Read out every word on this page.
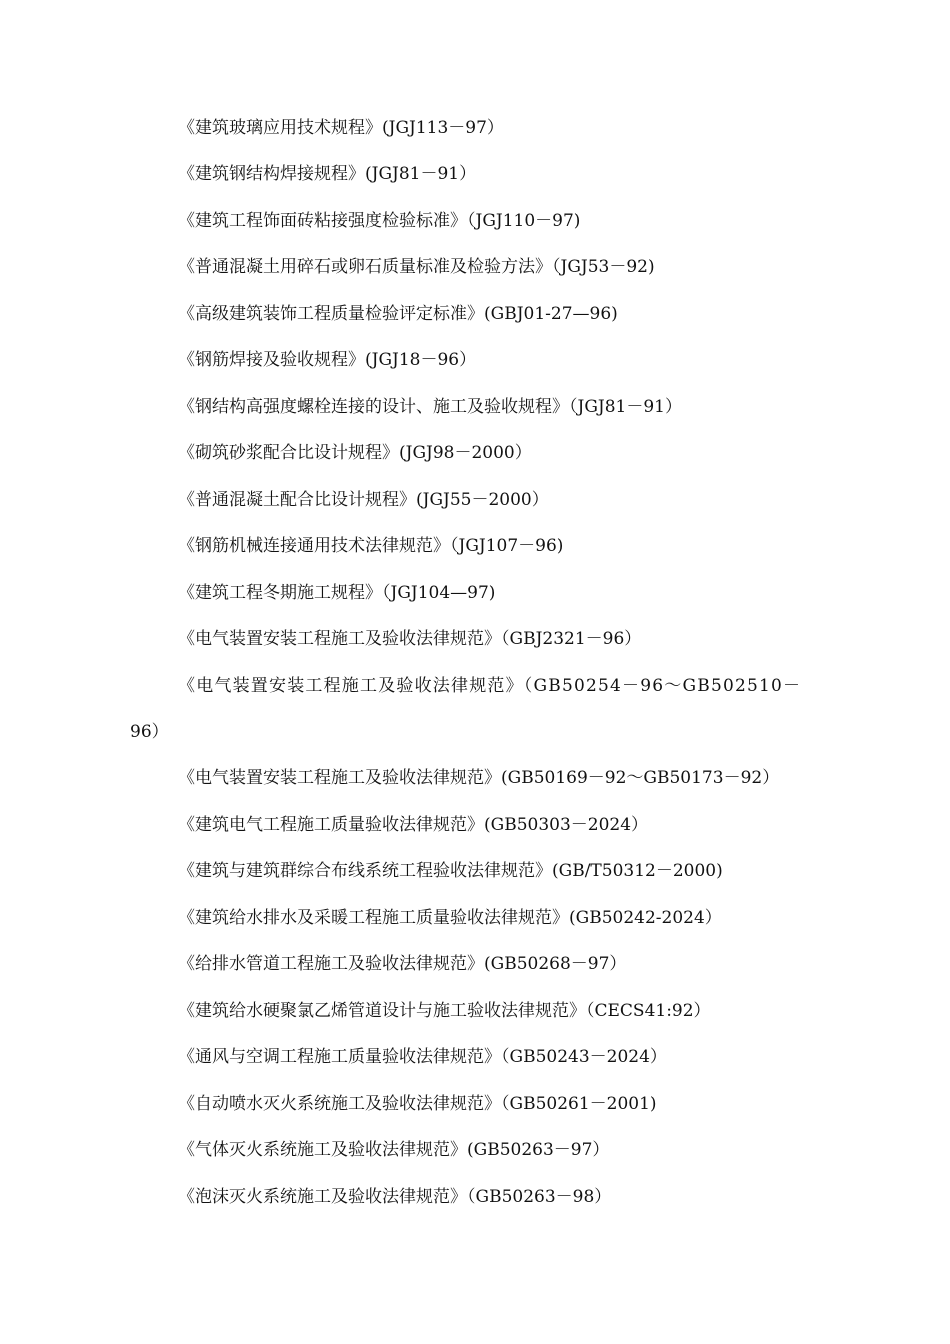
《建筑玻璃应用技术规程》(JGJ113－97）
《建筑钢结构焊接规程》(JGJ81－91）
《建筑工程饰面砖粘接强度检验标准》（JGJ110－97)
《普通混凝土用碎石或卵石质量标准及检验方法》（JGJ53－92)
《高级建筑装饰工程质量检验评定标准》(GBJ01-27—96)
《钢筋焊接及验收规程》(JGJ18－96）
《钢结构高强度螺栓连接的设计、施工及验收规程》（JGJ81－91）
《砌筑砂浆配合比设计规程》(JGJ98－2000）
《普通混凝土配合比设计规程》(JGJ55－2000）
《钢筋机械连接通用技术法律规范》（JGJ107－96)
《建筑工程冬期施工规程》（JGJ104—97)
《电气装置安装工程施工及验收法律规范》（GBJ2321－96）
《电气装置安装工程施工及验收法律规范》（GB50254－96～GB502510－
96）
《电气装置安装工程施工及验收法律规范》(GB50169－92～GB50173－92）
《建筑电气工程施工质量验收法律规范》(GB50303－2024）
《建筑与建筑群综合布线系统工程验收法律规范》(GB/T50312－2000)
《建筑给水排水及采暖工程施工质量验收法律规范》(GB50242-2024）
《给排水管道工程施工及验收法律规范》(GB50268－97）
《建筑给水硬聚氯乙烯管道设计与施工验收法律规范》（CECS41:92）
《通风与空调工程施工质量验收法律规范》（GB50243－2024）
《自动喷水灭火系统施工及验收法律规范》（GB50261－2001)
《气体灭火系统施工及验收法律规范》(GB50263－97）
《泡沫灭火系统施工及验收法律规范》（GB50263－98）
